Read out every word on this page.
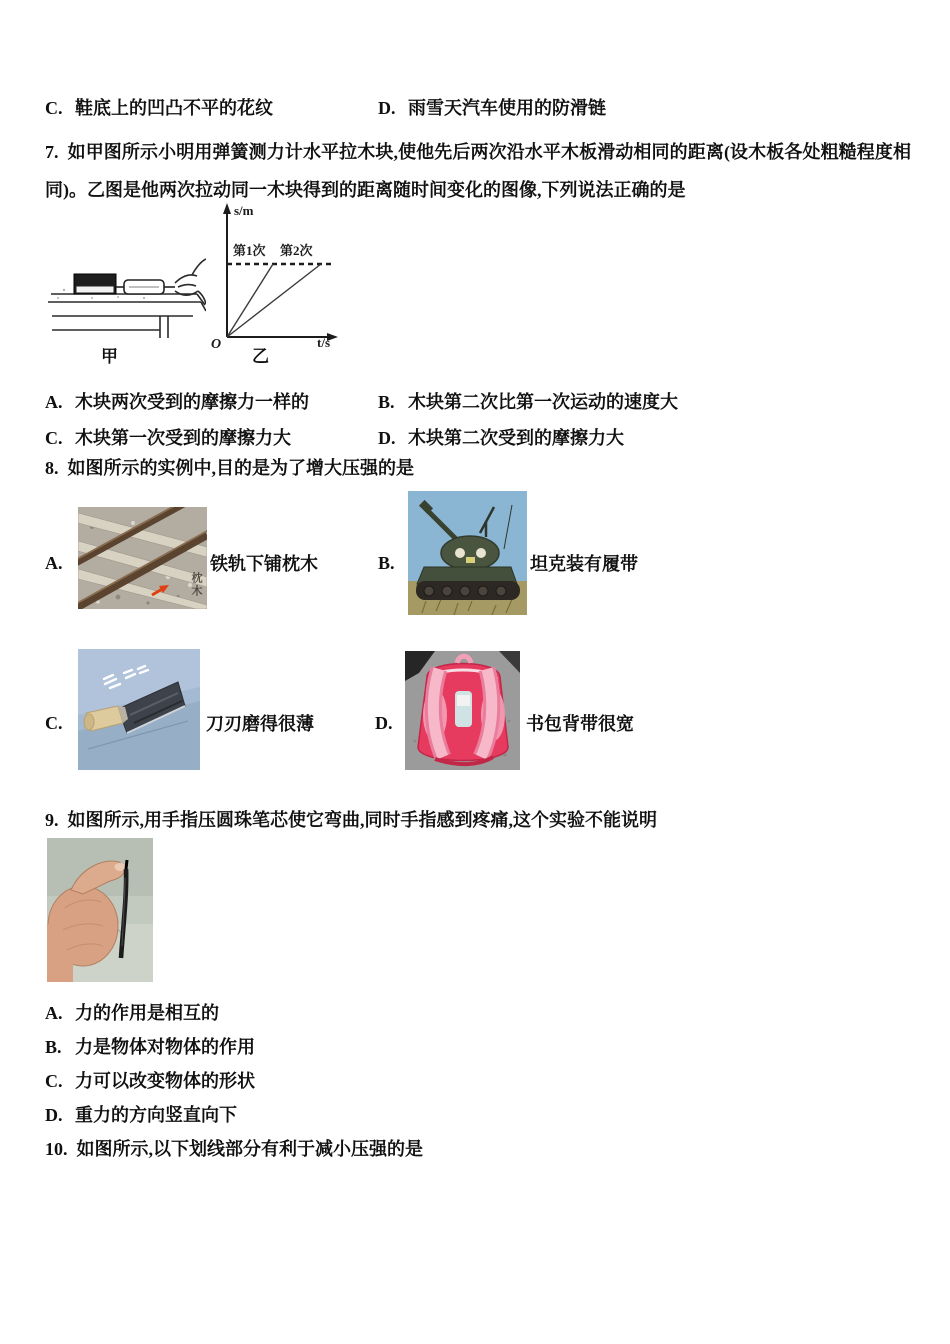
C. 鞋底上的凹凸不平的花纹	D. 雨雪天汽车使用的防滑链
7. 如甲图所示小明用弹簧测力计水平拉木块,使他先后两次沿水平木板滑动相同的距离(设木板各处粗糙程度相同)。乙图是他两次拉动同一木块得到的距离随时间变化的图像,下列说法正确的是
甲
s/m
t/s
O
第1次 第2次
乙
A. 木块两次受到的摩擦力一样的	B. 木块第二次比第一次运动的速度大
C. 木块第一次受到的摩擦力大	D. 木块第二次受到的摩擦力大
8. 如图所示的实例中,目的是为了增大压强的是
A.
枕木
铁轨下铺枕木	B.	坦克装有履带
C.	刀刃磨得很薄	D.	书包背带很宽
9. 如图所示,用手指压圆珠笔芯使它弯曲,同时手指感到疼痛,这个实验不能说明
A. 力的作用是相互的
B. 力是物体对物体的作用
C. 力可以改变物体的形状
D. 重力的方向竖直向下
10. 如图所示,以下划线部分有利于减小压强的是
